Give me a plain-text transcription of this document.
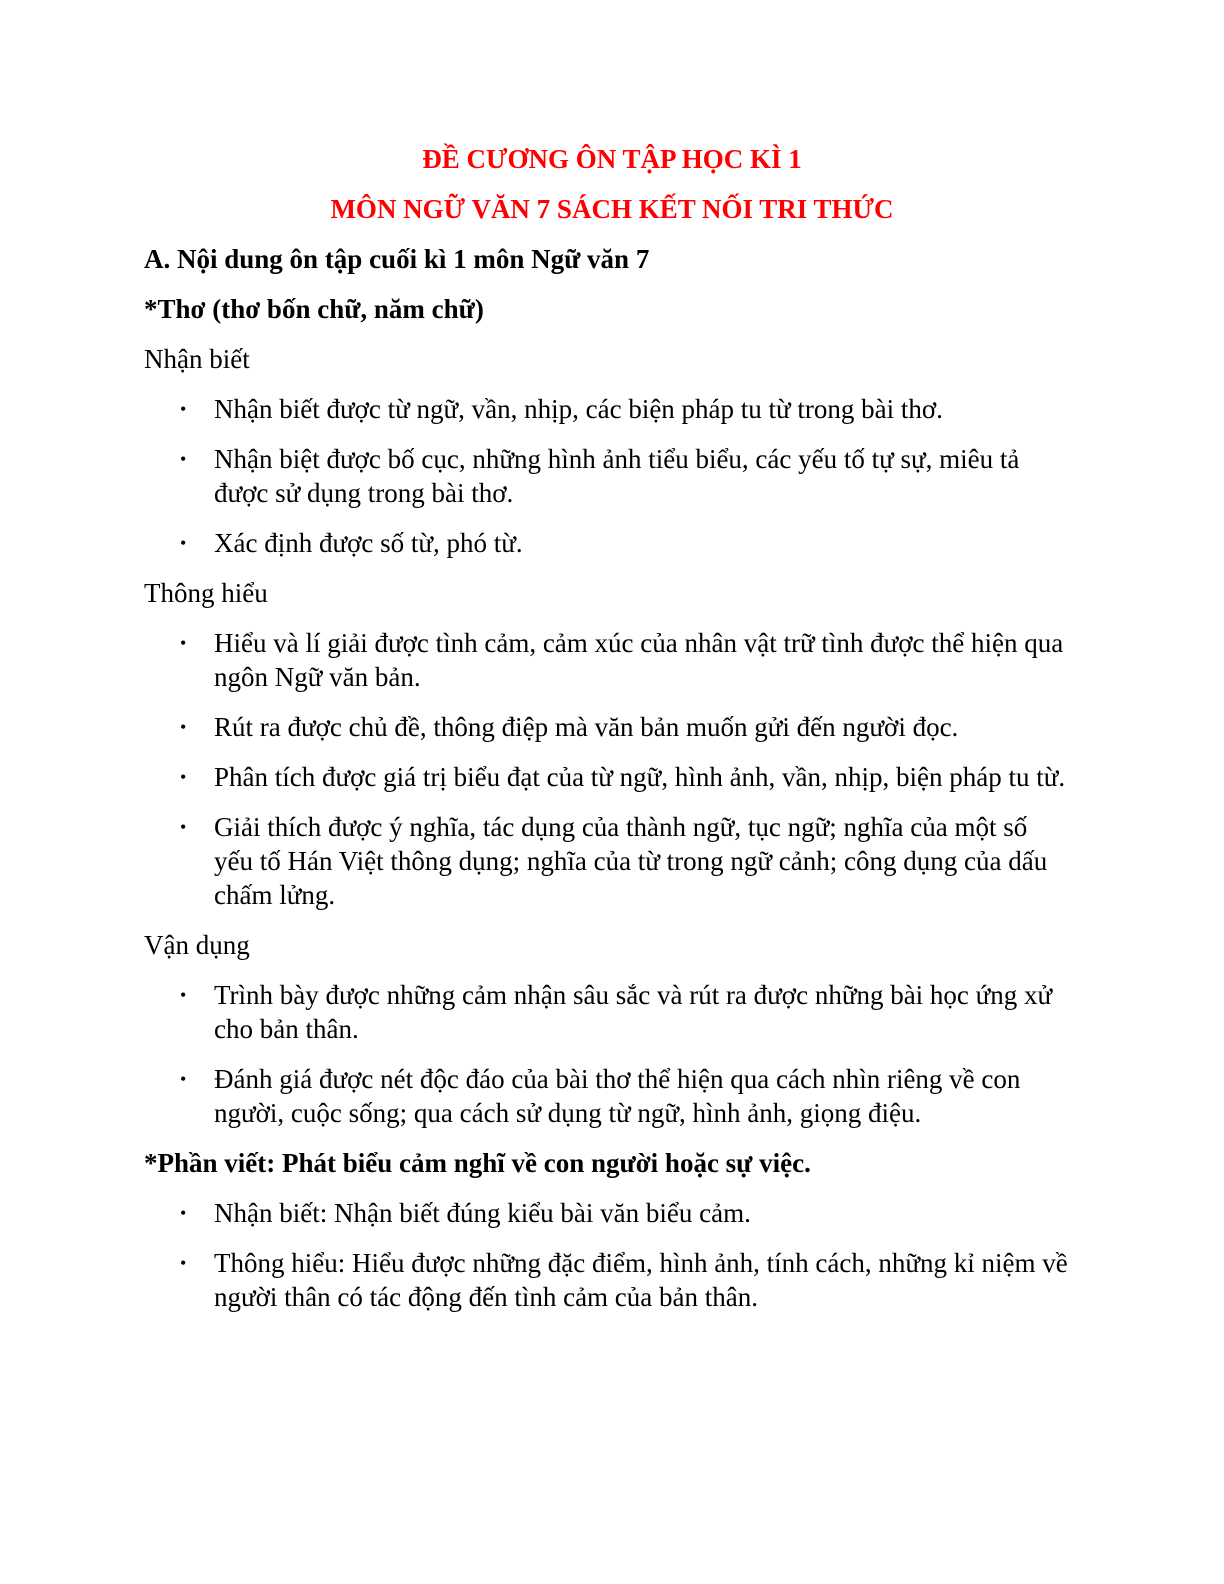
ĐỀ CƯƠNG ÔN TẬP HỌC KÌ 1
MÔN NGỮ VĂN 7 SÁCH KẾT NỐI TRI THỨC
A. Nội dung ôn tập cuối kì 1 môn Ngữ văn 7
*Thơ (thơ bốn chữ, năm chữ)
Nhận biết
• Nhận biết được từ ngữ, vần, nhịp, các biện pháp tu từ trong bài thơ.
• Nhận biệt được bố cục, những hình ảnh tiểu biểu, các yếu tố tự sự, miêu tả được sử dụng trong bài thơ.
• Xác định được số từ, phó từ.
Thông hiểu
• Hiểu và lí giải được tình cảm, cảm xúc của nhân vật trữ tình được thể hiện qua ngôn Ngữ văn bản.
• Rút ra được chủ đề, thông điệp mà văn bản muốn gửi đến người đọc.
• Phân tích được giá trị biểu đạt của từ ngữ, hình ảnh, vần, nhịp, biện pháp tu từ.
• Giải thích được ý nghĩa, tác dụng của thành ngữ, tục ngữ; nghĩa của một số yếu tố Hán Việt thông dụng; nghĩa của từ trong ngữ cảnh; công dụng của dấu chấm lửng.
Vận dụng
• Trình bày được những cảm nhận sâu sắc và rút ra được những bài học ứng xử cho bản thân.
• Đánh giá được nét độc đáo của bài thơ thể hiện qua cách nhìn riêng về con người, cuộc sống; qua cách sử dụng từ ngữ, hình ảnh, giọng điệu.
*Phần viết: Phát biểu cảm nghĩ về con người hoặc sự việc.
• Nhận biết: Nhận biết đúng kiểu bài văn biểu cảm.
• Thông hiểu: Hiểu được những đặc điểm, hình ảnh, tính cách, những kỉ niệm về người thân có tác động đến tình cảm của bản thân.
